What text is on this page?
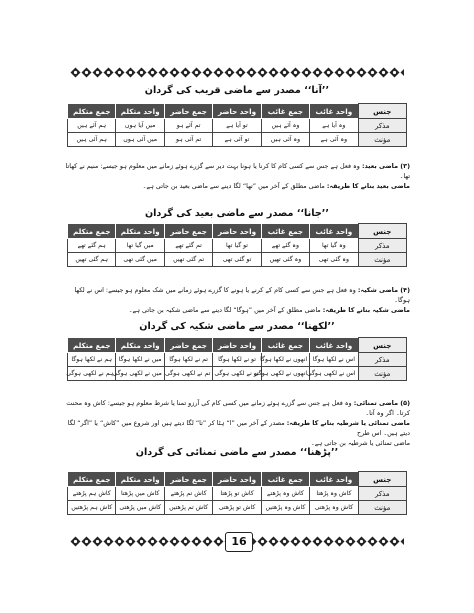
’’آنا‘‘ مصدر سے ماضی قریب کی گردان
جنس	واحد غائب	جمع غائب	واحد حاضر	جمع حاضر	واحد متکلم	جمع متکلم
مذکر	وہ آیا ہے	وہ آئے ہیں	تو آیا ہے	تم آئے ہو	میں آیا ہوں	ہم آئے ہیں
مؤنث	وہ آئی ہے	وہ آئی ہیں	تو آئی ہے	تم آئی ہو	میں آئی ہوں	ہم آئی ہیں
(۳) ماضی بعید: وہ فعل ہے جس سے کسی کام کا کرنا یا ہونا بہت دیر سے گزرے ہوئے زمانے میں معلوم ہو جیسے: منیم نے کھاتا تھا۔
ماضی بعید بنانے کا طریقہ: ماضی مطلق کے آخر میں ”تھا“ لگا دینے سے ماضی بعید بن جاتی ہے۔
’’جانا‘‘ مصدر سے ماضی بعید کی گردان
جنس	واحد غائب	جمع غائب	واحد حاضر	جمع حاضر	واحد متکلم	جمع متکلم
مذکر	وہ گیا تھا	وہ گئے تھے	تو گیا تھا	تم گئے تھے	میں گیا تھا	ہم گئے تھے
مؤنث	وہ گئی تھی	وہ گئی تھیں	تو گئی تھی	تم گئی تھیں	میں گئی تھی	ہم گئی تھیں
(۴) ماضی شکیہ: وہ فعل ہے جس سے کسی کام کے کرنے یا ہونے کا گزرے ہوئے زمانے میں شک معلوم ہو جیسے: اس نے لکھا ہوگا۔
ماضی شکیہ بنانے کا طریقہ: ماضی مطلق کے آخر میں ”ہوگا“ لگا دینے سے ماضی شکیہ بن جاتی ہے۔
’’لکھنا‘‘ مصدر سے ماضی شکیہ کی گردان
جنس	واحد غائب	جمع غائب	واحد حاضر	جمع حاضر	واحد متکلم	جمع متکلم
مذکر	اس نے لکھا ہوگا	انھوں نے لکھا ہوگا	تو نے لکھا ہوگا	تم نے لکھا ہوگا	میں نے لکھا ہوگا	ہم نے لکھا ہوگا
مؤنث	اس نے لکھی ہوگی	انھوں نے لکھی ہوگی	تو نے لکھی ہوگی	تم نے لکھی ہوگی	میں نے لکھی ہوگی	ہم نے لکھی ہوگی
(۵) ماضی تمنائی: وہ فعل ہے جس سے گزرے ہوئے زمانے میں کسی کام کی آرزو تمنا یا شرط معلوم ہو جیسے: کاش وہ محنت کرتا۔ اگر وہ آتا۔
ماضی تمنائی یا شرطیہ بنانے کا طریقہ: مصدر کے آخر میں ”ا“ ہٹا کر ”تا“ لگا دیتے ہیں اور شروع میں ”کاش“ یا ”اگر“ لگا دیتے ہیں۔ اس طرح
ماضی تمنائی یا شرطیہ بن جاتی ہے۔
’’پڑھنا‘‘ مصدر سے ماضی تمنائی کی گردان
جنس	واحد غائب	جمع غائب	واحد حاضر	جمع حاضر	واحد متکلم	جمع متکلم
مذکر	کاش وہ پڑھتا	کاش وہ پڑھتے	کاش تو پڑھتا	کاش تم پڑھتے	کاش میں پڑھتا	کاش ہم پڑھتے
مؤنث	کاش وہ پڑھتی	کاش وہ پڑھتیں	کاش تو پڑھتی	کاش تم پڑھتیں	کاش میں پڑھتی	کاش ہم پڑھتیں
16
